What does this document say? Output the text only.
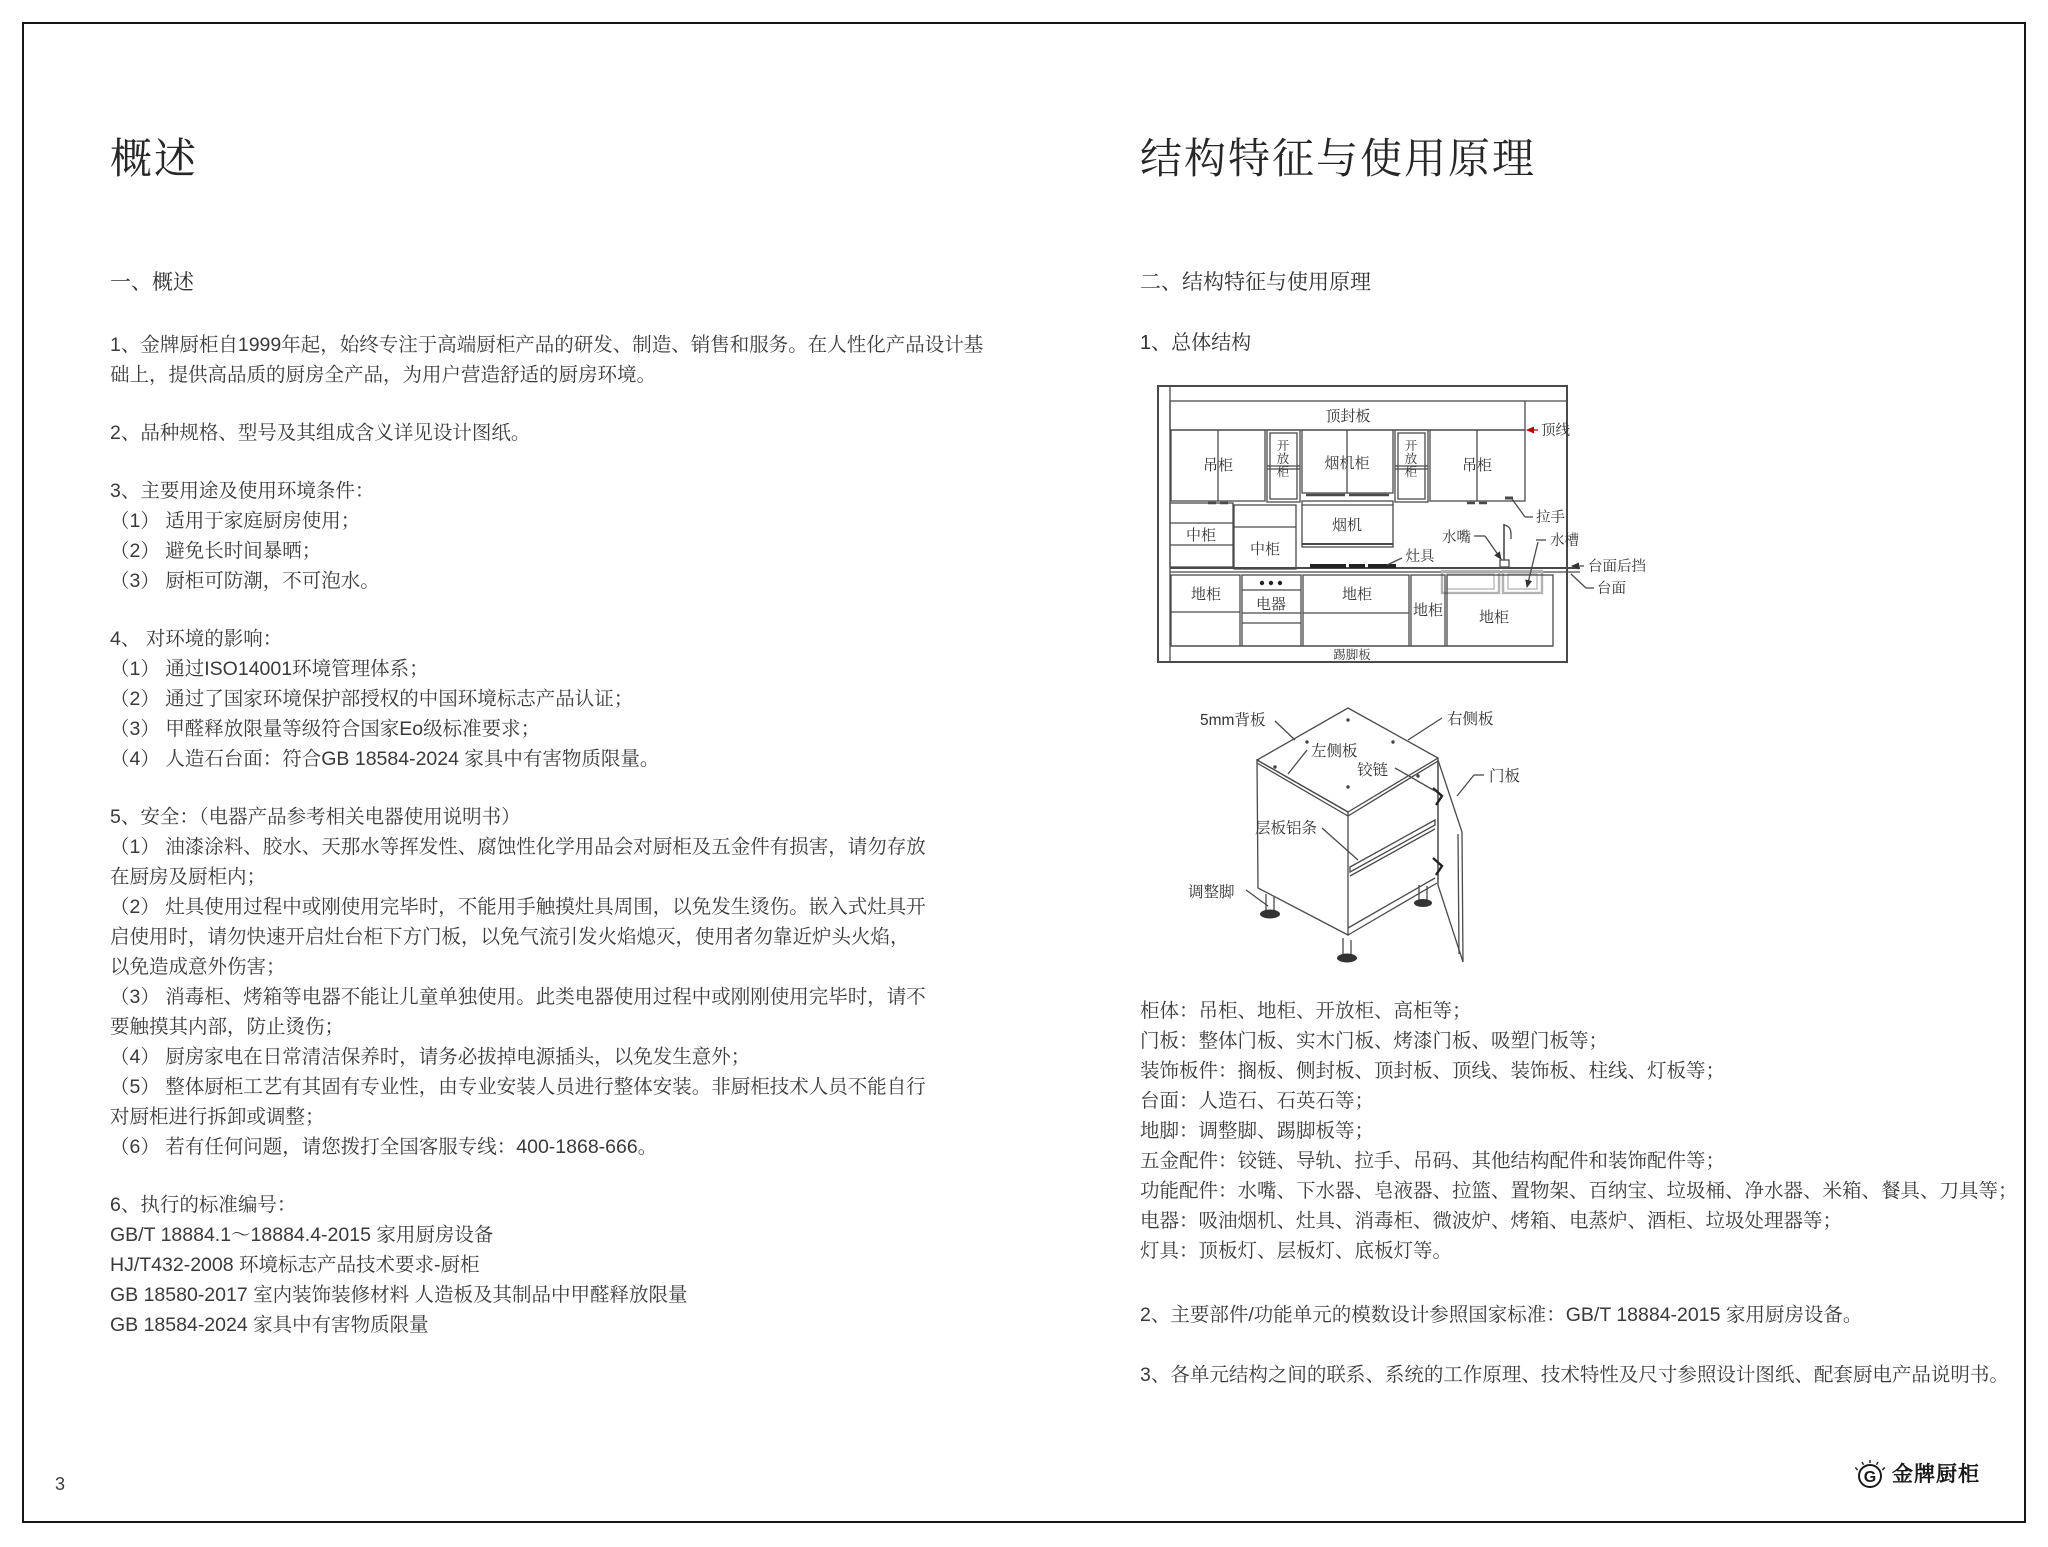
概述
一、概述
1、金牌厨柜自1999年起，始终专注于高端厨柜产品的研发、制造、销售和服务。在人性化产品设计基
础上，提供高品质的厨房全产品，为用户营造舒适的厨房环境。
2、品种规格、型号及其组成含义详见设计图纸。
3、主要用途及使用环境条件：
（1） 适用于家庭厨房使用；
（2） 避免长时间暴晒；
（3） 厨柜可防潮，不可泡水。
4、 对环境的影响：
（1） 通过ISO14001环境管理体系；
（2） 通过了国家环境保护部授权的中国环境标志产品认证；
（3） 甲醛释放限量等级符合国家Eo级标准要求；
（4） 人造石台面：符合GB 18584-2024 家具中有害物质限量。
5、安全：（电器产品参考相关电器使用说明书）
（1） 油漆涂料、胶水、天那水等挥发性、腐蚀性化学用品会对厨柜及五金件有损害，请勿存放
在厨房及厨柜内；
（2） 灶具使用过程中或刚使用完毕时，不能用手触摸灶具周围，以免发生烫伤。嵌入式灶具开
启使用时，请勿快速开启灶台柜下方门板，以免气流引发火焰熄灭，使用者勿靠近炉头火焰，
以免造成意外伤害；
（3） 消毒柜、烤箱等电器不能让儿童单独使用。此类电器使用过程中或刚刚使用完毕时，请不
要触摸其内部，防止烫伤；
（4） 厨房家电在日常清洁保养时，请务必拔掉电源插头，以免发生意外；
（5） 整体厨柜工艺有其固有专业性，由专业安装人员进行整体安装。非厨柜技术人员不能自行
对厨柜进行拆卸或调整；
（6） 若有任何问题，请您拨打全国客服专线：400-1868-666。
6、执行的标准编号：
GB/T 18884.1～18884.4-2015 家用厨房设备
HJ/T432-2008 环境标志产品技术要求-厨柜
GB 18580-2017 室内装饰装修材料 人造板及其制品中甲醛释放限量
GB 18584-2024 家具中有害物质限量
结构特征与使用原理
二、结构特征与使用原理
1、总体结构
顶封板
顶线
吊柜
开放柜 烟机柜
开放柜	吊柜
烟机
中柜
中柜
拉手
水嘴	水槽
灶具
台面后挡
台面
地柜
电器
地柜
地柜 地柜
踢脚板
5mm背板	右侧板
左侧板
铰链	门板
层板铝条
调整脚
柜体：吊柜、地柜、开放柜、高柜等；
门板：整体门板、实木门板、烤漆门板、吸塑门板等；
装饰板件：搁板、侧封板、顶封板、顶线、装饰板、柱线、灯板等；
台面：人造石、石英石等；
地脚：调整脚、踢脚板等；
五金配件：铰链、导轨、拉手、吊码、其他结构配件和装饰配件等；
功能配件：水嘴、下水器、皂液器、拉篮、置物架、百纳宝、垃圾桶、净水器、米箱、餐具、刀具等；
电器：吸油烟机、灶具、消毒柜、微波炉、烤箱、电蒸炉、酒柜、垃圾处理器等；
灯具：顶板灯、层板灯、底板灯等。
2、主要部件/功能单元的模数设计参照国家标准：GB/T 18884-2015 家用厨房设备。
3、各单元结构之间的联系、系统的工作原理、技术特性及尺寸参照设计图纸、配套厨电产品说明书。
3	G 金牌厨柜
